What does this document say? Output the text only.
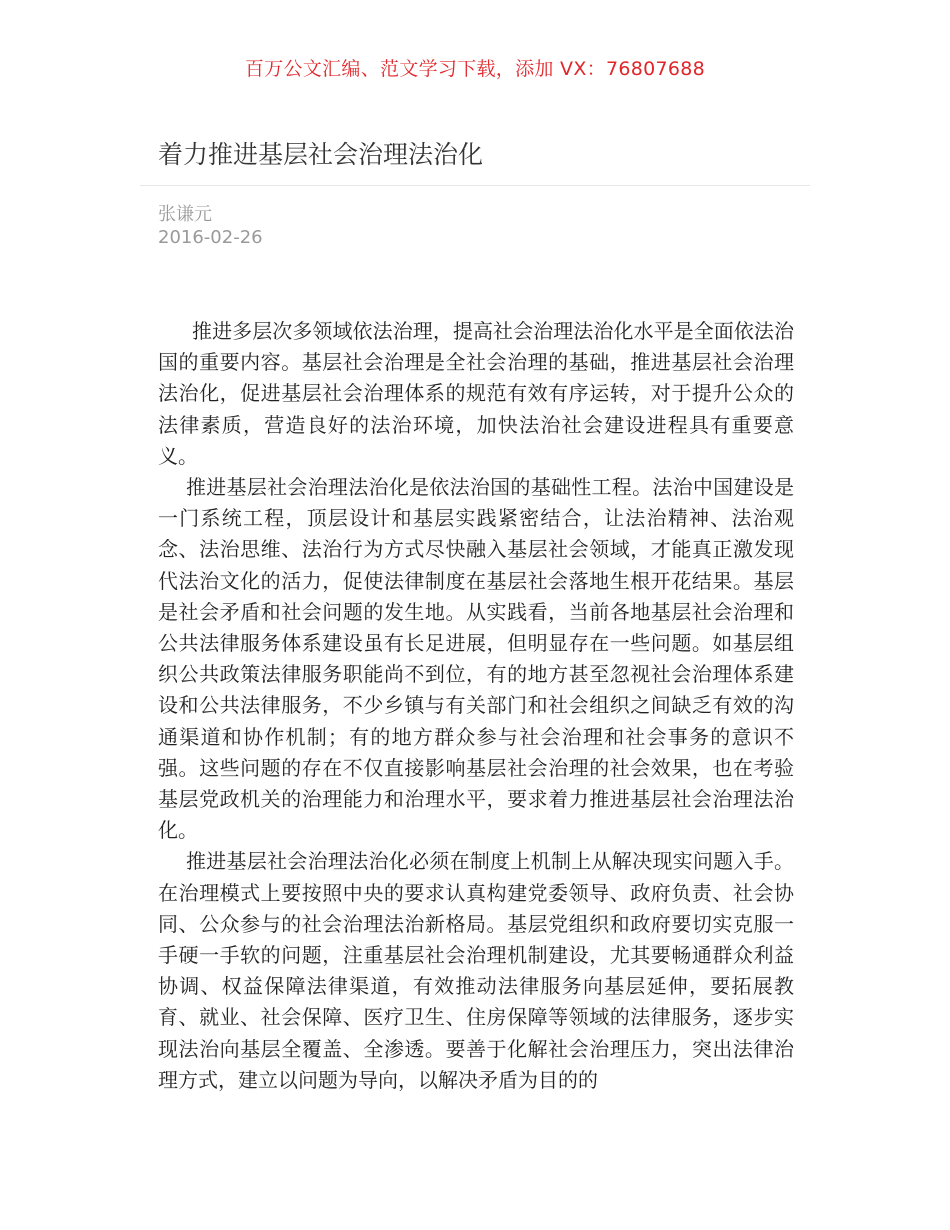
百万公文汇编、范文学习下载，添加 VX：76807688
着力推进基层社会治理法治化
张谦元
2016-02-26

推进多层次多领域依法治理，提高社会治理法治化水平是全面依法治国的重要内容。基层社会治理是全社会治理的基础，推进基层社会治理法治化，促进基层社会治理体系的规范有效有序运转，对于提升公众的法律素质，营造良好的法治环境，加快法治社会建设进程具有重要意义。

推进基层社会治理法治化是依法治国的基础性工程。法治中国建设是一门系统工程，顶层设计和基层实践紧密结合，让法治精神、法治观念、法治思维、法治行为方式尽快融入基层社会领域，才能真正激发现代法治文化的活力，促使法律制度在基层社会落地生根开花结果。基层是社会矛盾和社会问题的发生地。从实践看，当前各地基层社会治理和公共法律服务体系建设虽有长足进展，但明显存在一些问题。如基层组织公共政策法律服务职能尚不到位，有的地方甚至忽视社会治理体系建设和公共法律服务，不少乡镇与有关部门和社会组织之间缺乏有效的沟通渠道和协作机制；有的地方群众参与社会治理和社会事务的意识不强。这些问题的存在不仅直接影响基层社会治理的社会效果，也在考验基层党政机关的治理能力和治理水平，要求着力推进基层社会治理法治化。

推进基层社会治理法治化必须在制度上机制上从解决现实问题入手。在治理模式上要按照中央的要求认真构建党委领导、政府负责、社会协同、公众参与的社会治理法治新格局。基层党组织和政府要切实克服一手硬一手软的问题，注重基层社会治理机制建设，尤其要畅通群众利益协调、权益保障法律渠道，有效推动法律服务向基层延伸，要拓展教育、就业、社会保障、医疗卫生、住房保障等领域的法律服务，逐步实现法治向基层全覆盖、全渗透。要善于化解社会治理压力，突出法律治理方式，建立以问题为导向，以解决矛盾为目的的
